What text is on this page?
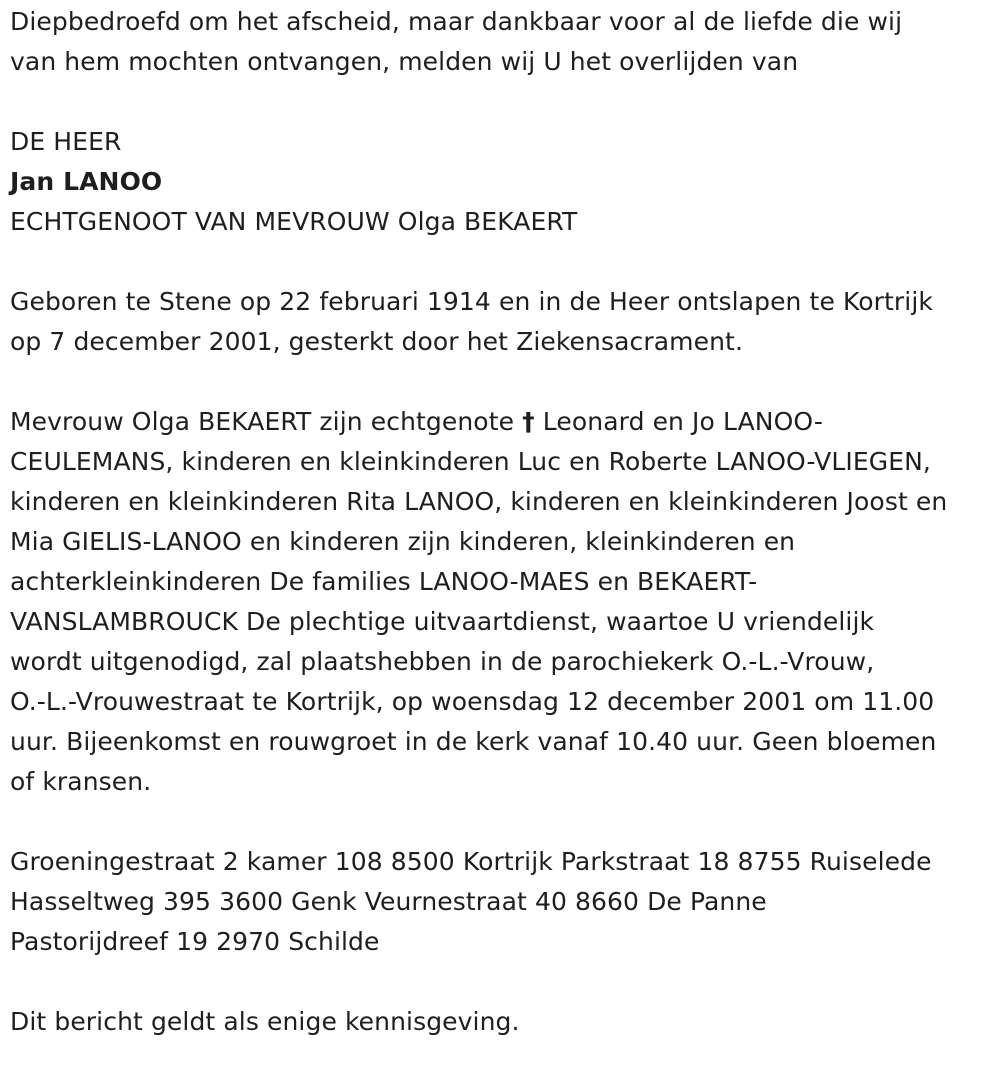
Diepbedroefd om het afscheid, maar dankbaar voor al de liefde die wij
van hem mochten ontvangen, melden wij U het overlijden van
DE HEER
Jan LANOO
ECHTGENOOT VAN MEVROUW Olga BEKAERT
Geboren te Stene op 22 februari 1914 en in de Heer ontslapen te Kortrijk
op 7 december 2001, gesterkt door het Ziekensacrament.
Mevrouw Olga BEKAERT zijn echtgenote † Leonard en Jo LANOO-
CEULEMANS, kinderen en kleinkinderen Luc en Roberte LANOO-VLIEGEN,
kinderen en kleinkinderen Rita LANOO, kinderen en kleinkinderen Joost en
Mia GIELIS-LANOO en kinderen zijn kinderen, kleinkinderen en
achterkleinkinderen De families LANOO-MAES en BEKAERT-
VANSLAMBROUCK De plechtige uitvaartdienst, waartoe U vriendelijk
wordt uitgenodigd, zal plaatshebben in de parochiekerk O.-L.-Vrouw,
O.-L.-Vrouwestraat te Kortrijk, op woensdag 12 december 2001 om 11.00
uur. Bijeenkomst en rouwgroet in de kerk vanaf 10.40 uur. Geen bloemen
of kransen.
Groeningestraat 2 kamer 108 8500 Kortrijk Parkstraat 18 8755 Ruiselede
Hasseltweg 395 3600 Genk Veurnestraat 40 8660 De Panne
Pastorijdreef 19 2970 Schilde
Dit bericht geldt als enige kennisgeving.
